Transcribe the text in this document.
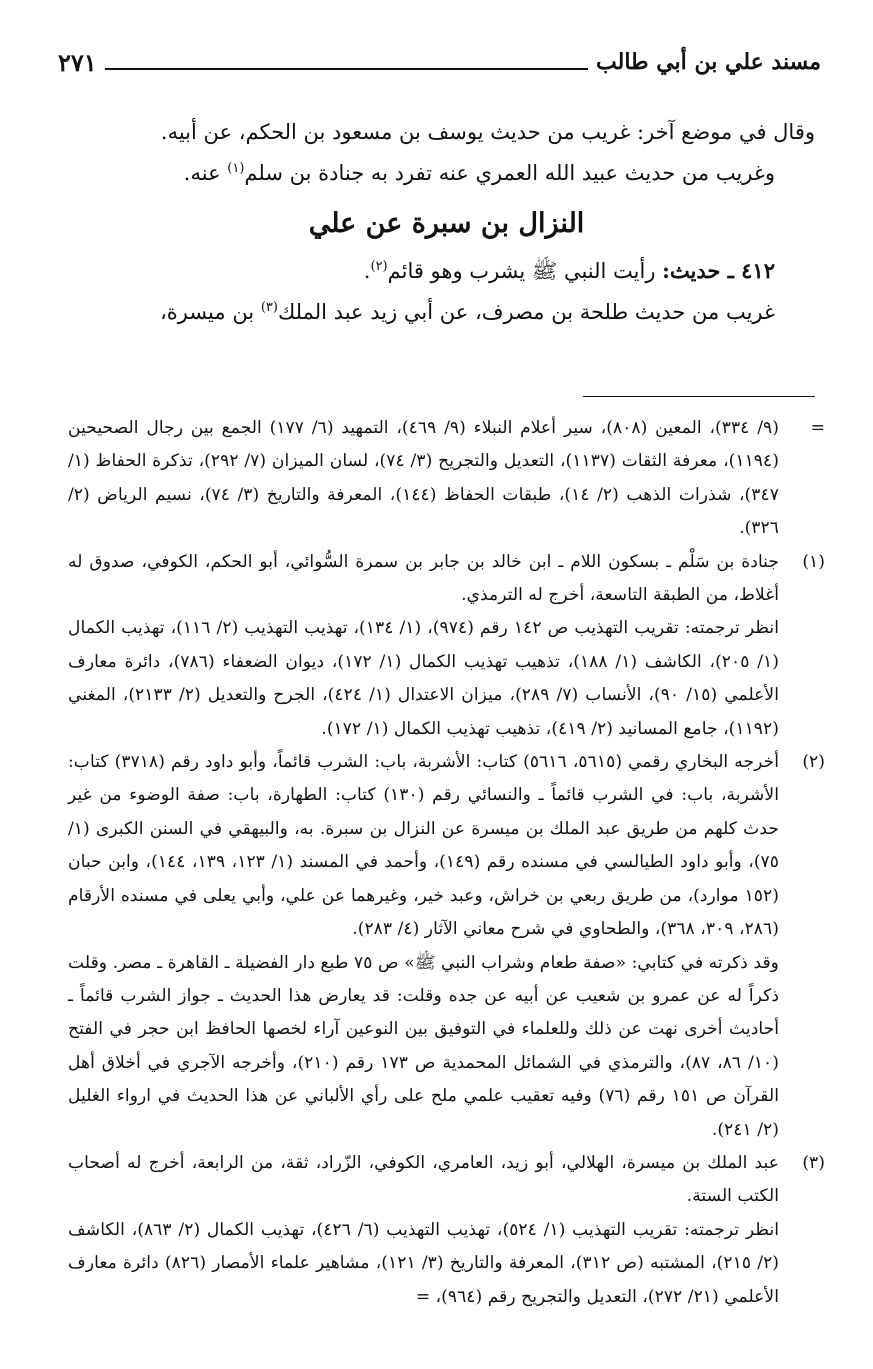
مسند علي بن أبي طالب
٢٧١

وقال في موضع آخر: غريب من حديث يوسف بن مسعود بن الحكم، عن أبيه.

وغريب من حديث عبيد الله العمري عنه تفرد به جنادة بن سلم$^{(١)}$ عنه.

النزال بن سبرة عن علي

٤١٢ ـ حديث: رأيت النبي ﷺ يشرب وهو قائم$^{(٢)}$.

غريب من حديث طلحة بن مصرف، عن أبي زيد عبد الملك$^{(٣)}$ بن ميسرة،

=

(٩/ ٣٣٤)، المعين (٨٠٨)، سير أعلام النبلاء (٩/ ٤٦٩)، التمهيد (٦/ ١٧٧) الجمع بين رجال الصحيحين (١١٩٤)، معرفة الثقات (١١٣٧)، التعديل والتجريح (٣/ ٧٤)، لسان الميزان (٧/ ٢٩٢)، تذكرة الحفاظ (١/ ٣٤٧)، شذرات الذهب (٢/ ١٤)، طبقات الحفاظ (١٤٤)، المعرفة والتاريخ (٣/ ٧٤)، نسيم الرياض (٢/ ٣٢٦).

(١)

جنادة بن سَلْم ـ بسكون اللام ـ ابن خالد بن جابر بن سمرة السُّوائي، أبو الحكم، الكوفي، صدوق له أغلاط، من الطبقة التاسعة، أخرج له الترمذي.

انظر ترجمته: تقريب التهذيب ص ١٤٢ رقم (٩٧٤)، (١/ ١٣٤)، تهذيب التهذيب (٢/ ١١٦)، تهذيب الكمال (١/ ٢٠٥)، الكاشف (١/ ١٨٨)، تذهيب تهذيب الكمال (١/ ١٧٢)، ديوان الضعفاء (٧٨٦)، دائرة معارف الأعلمي (١٥/ ٩٠)، الأنساب (٧/ ٢٨٩)، ميزان الاعتدال (١/ ٤٢٤)، الجرح والتعديل (٢/ ٢١٣٣)، المغني (١١٩٢)، جامع المسانيد (٢/ ٤١٩)، تذهيب تهذيب الكمال (١/ ١٧٢).

(٢)

أخرجه البخاري رقمي (٥٦١٥، ٥٦١٦) كتاب: الأشربة، باب: الشرب قائماً، وأبو داود رقم (٣٧١٨) كتاب: الأشربة، باب: في الشرب قائماً ـ والنسائي رقم (١٣٠) كتاب: الطهارة، باب: صفة الوضوء من غير حدث كلهم من طريق عبد الملك بن ميسرة عن النزال بن سبرة. به، والبيهقي في السنن الكبرى (١/ ٧٥)، وأبو داود الطيالسي في مسنده رقم (١٤٩)، وأحمد في المسند (١/ ١٢٣، ١٣٩، ١٤٤)، وابن حبان (١٥٢ موارد)، من طريق ربعي بن خراش، وعبد خير، وغيرهما عن علي، وأبي يعلى في مسنده الأرقام (٢٨٦، ٣٠٩، ٣٦٨)، والطحاوي في شرح معاني الآثار (٤/ ٢٨٣).

وقد ذكرته في كتابي: «صفة طعام وشراب النبي ﷺ» ص ٧٥ طبع دار الفضيلة ـ القاهرة ـ مصر. وقلت ذكراً له عن عمرو بن شعيب عن أبيه عن جده وقلت: قد يعارض هذا الحديث ـ جواز الشرب قائماً ـ أحاديث أخرى نهت عن ذلك وللعلماء في التوفيق بين النوعين آراء لخصها الحافظ ابن حجر في الفتح (١٠/ ٨٦، ٨٧)، والترمذي في الشمائل المحمدية ص ١٧٣ رقم (٢١٠)، وأخرجه الآجري في أخلاق أهل القرآن ص ١٥١ رقم (٧٦) وفيه تعقيب علمي ملح على رأي الألباني عن هذا الحديث في ارواء الغليل (٢/ ٢٤١).

(٣)

عبد الملك بن ميسرة، الهلالي، أبو زيد، العامري، الكوفي، الزّراد، ثقة، من الرابعة، أخرج له أصحاب الكتب الستة.

انظر ترجمته: تقريب التهذيب (١/ ٥٢٤)، تهذيب التهذيب (٦/ ٤٢٦)، تهذيب الكمال (٢/ ٨٦٣)، الكاشف (٢/ ٢١٥)، المشتبه (ص ٣١٢)، المعرفة والتاريخ (٣/ ١٢١)، مشاهير علماء الأمصار (٨٢٦) دائرة معارف الأعلمي (٢١/ ٢٧٢)، التعديل والتجريح رقم (٩٦٤)، =
